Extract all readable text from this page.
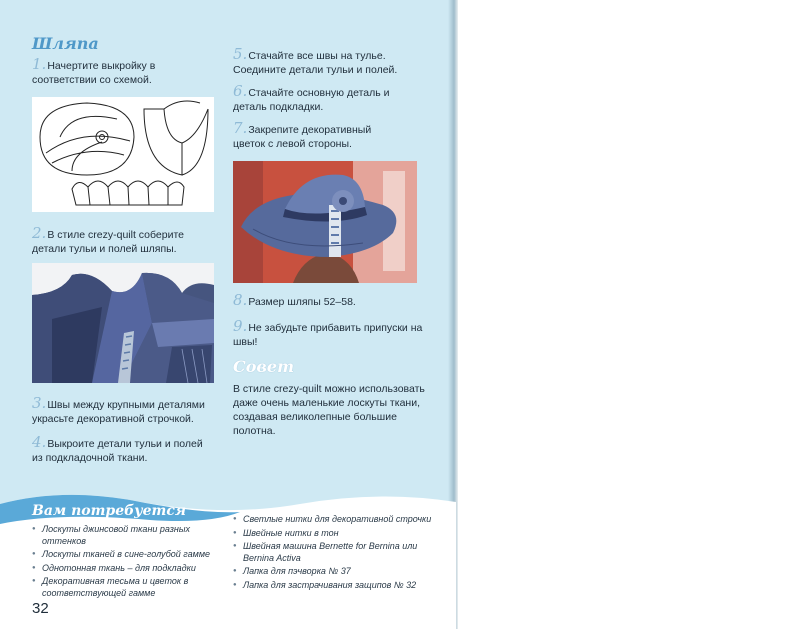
Шляпа

1.Начертите выкройку в соответствии со схемой.

2.В стиле crezy-quilt соберите детали тульи и полей шляпы.

3.Швы между крупными деталями украсьте декоративной строчкой.

4.Выкроите детали тульи и полей из подкладочной ткани.

5.Стачайте все швы на тулье. Соедините детали тульи и полей.

6.Стачайте основную деталь и деталь подкладки.

7.Закрепите декоративный цветок с левой стороны.

8.Размер шляпы 52–58.

9.Не забудьте прибавить припуски на швы!

Совет

В стиле crezy-quilt можно использовать даже очень маленькие лоскуты ткани, создавая великолепные большие полотна.

Вам потребуется
● Лоскуты джинсовой ткани разных оттенков
● Лоскуты тканей в сине-голубой гамме
● Однотонная ткань – для подкладки
● Декоративная тесьма и цветок в соответствующей гамме
● Светлые нитки для декоративной строчки
● Швейные нитки в тон
● Швейная машина Bernette for Bernina или Bernina Activa
● Лапка для пэчворка № 37
● Лапка для застрачивания защипов № 32

32
